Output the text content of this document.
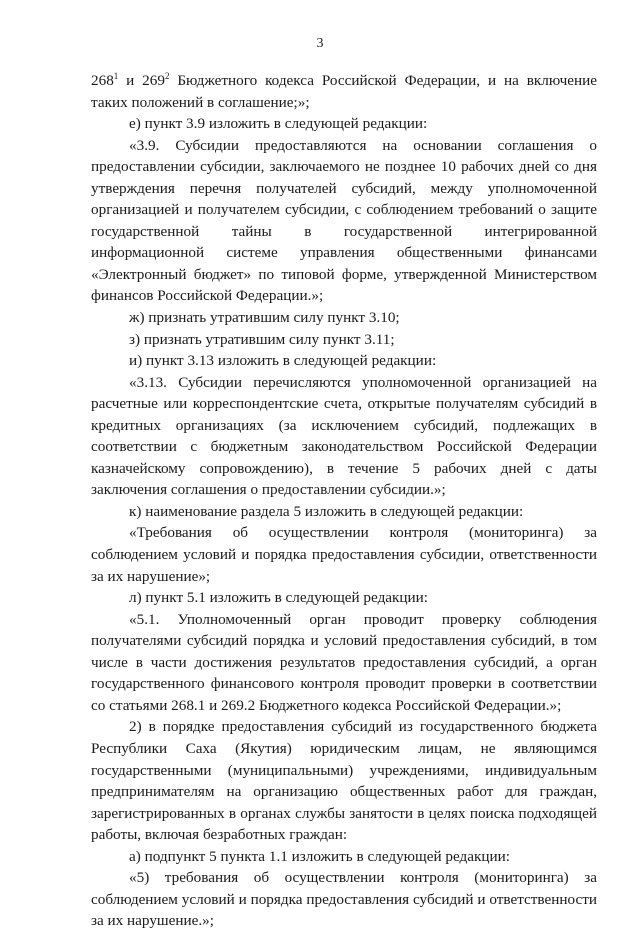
3
$268^1$ и $269^2$ Бюджетного кодекса Российской Федерации, и на включение
таких положений в соглашение;»;
е) пункт 3.9 изложить в следующей редакции:
«3.9. Субсидии предоставляются на основании соглашения о
предоставлении субсидии, заключаемого не позднее 10 рабочих дней со дня
утверждения перечня получателей субсидий, между уполномоченной
организацией и получателем субсидии, с соблюдением требований о защите
государственной тайны в государственной интегрированной
информационной системе управления общественными финансами
«Электронный бюджет» по типовой форме, утвержденной Министерством
финансов Российской Федерации.»;
ж) признать утратившим силу пункт 3.10;
з) признать утратившим силу пункт 3.11;
и) пункт 3.13 изложить в следующей редакции:
«3.13. Субсидии перечисляются уполномоченной организацией на
расчетные или корреспондентские счета, открытые получателям субсидий в
кредитных организациях (за исключением субсидий, подлежащих в
соответствии с бюджетным законодательством Российской Федерации
казначейскому сопровождению), в течение 5 рабочих дней с даты
заключения соглашения о предоставлении субсидии.»;
к) наименование раздела 5 изложить в следующей редакции:
«Требования об осуществлении контроля (мониторинга) за
соблюдением условий и порядка предоставления субсидии, ответственности
за их нарушение»;
л) пункт 5.1 изложить в следующей редакции:
«5.1. Уполномоченный орган проводит проверку соблюдения
получателями субсидий порядка и условий предоставления субсидий, в том
числе в части достижения результатов предоставления субсидий, а орган
государственного финансового контроля проводит проверки в соответствии
со статьями 268.1 и 269.2 Бюджетного кодекса Российской Федерации.»;
2) в порядке предоставления субсидий из государственного бюджета
Республики Саха (Якутия) юридическим лицам, не являющимся
государственными (муниципальными) учреждениями, индивидуальным
предпринимателям на организацию общественных работ для граждан,
зарегистрированных в органах службы занятости в целях поиска подходящей
работы, включая безработных граждан:
а) подпункт 5 пункта 1.1 изложить в следующей редакции:
«5) требования об осуществлении контроля (мониторинга) за
соблюдением условий и порядка предоставления субсидий и ответственности
за их нарушение.»;
